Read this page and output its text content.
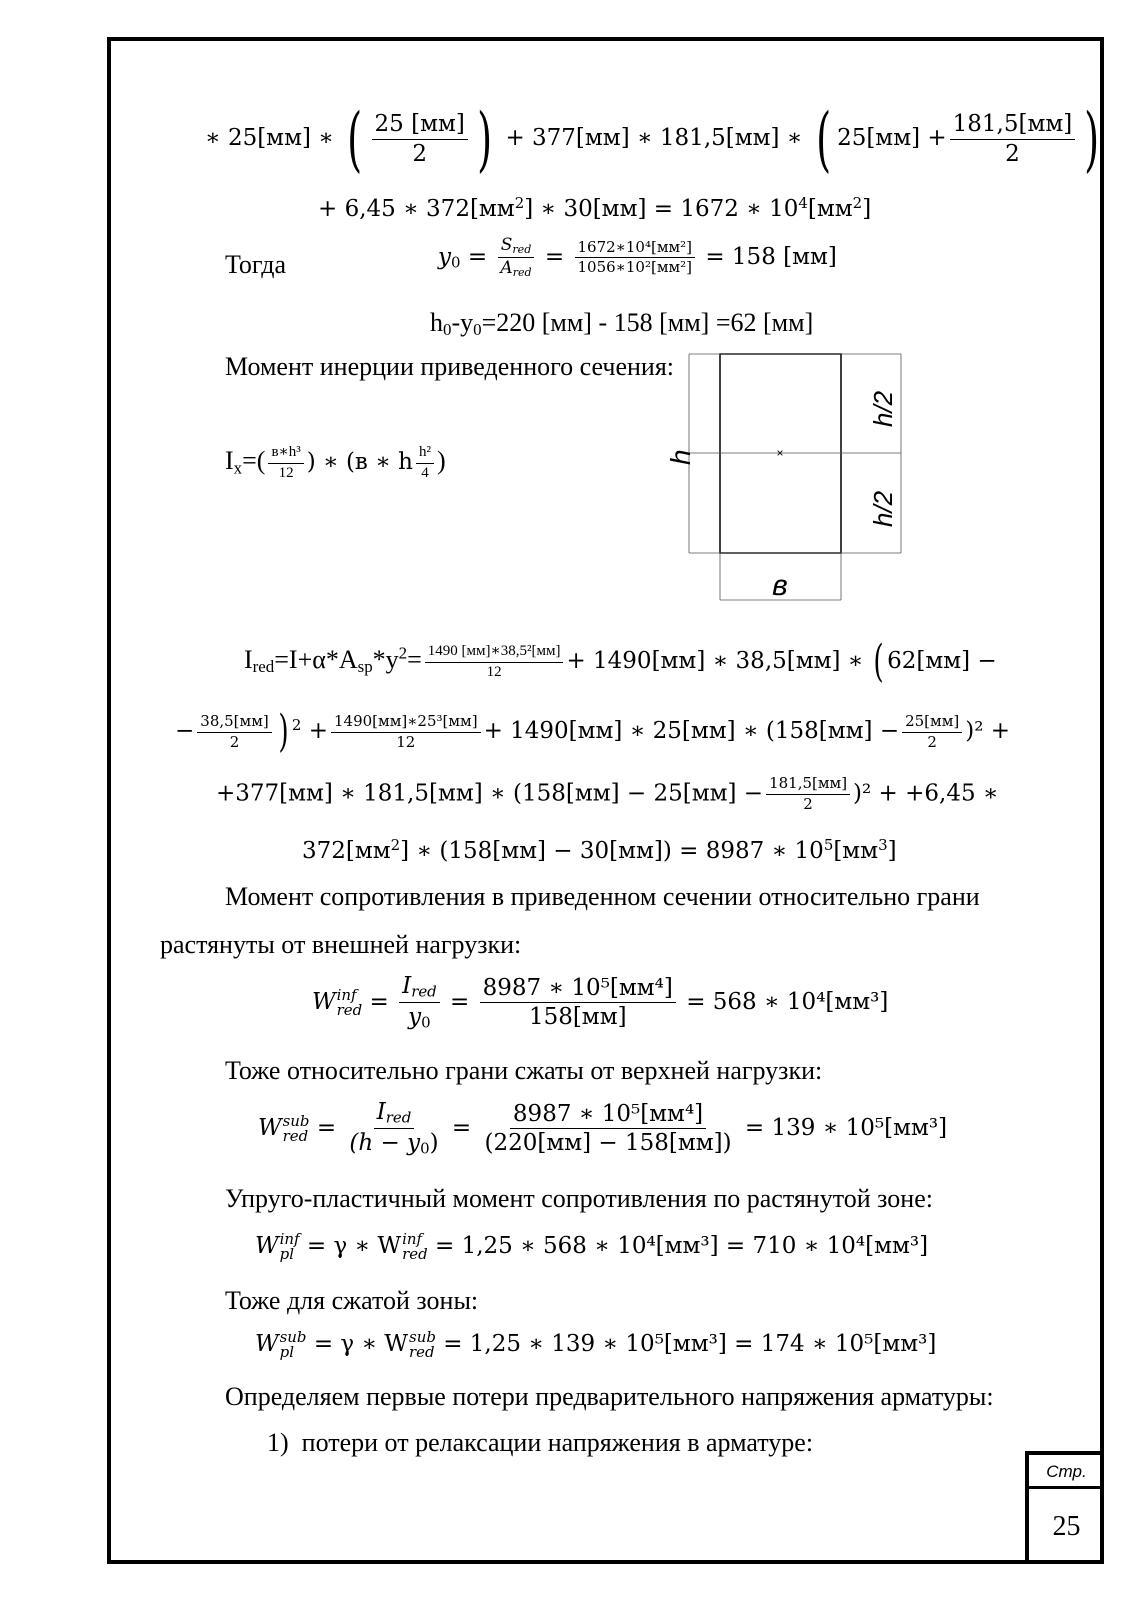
∗ 25[мм] ∗ ( $\frac{25 [мм]}{2}$ ) + 377[мм] ∗ 181,5[мм] ∗ ( $25[мм] + \frac{181,5[мм]}{2}$ )
+ 6,45 ∗ $372[мм^2]$ ∗ 30[мм] = 1672 ∗ $10^4[мм^2]$
Тогда	$y_0 = \frac{S_{red}}{A_{red}} = \frac{\text{1672∗10⁴[мм²]}}{\text{1056∗10²[мм²]}} = 158$ [мм]
$h_0-y_0=220$ [мм] - 158 [мм] =62 [мм]
Момент инерции приведенного сечения:
$I_x=( \frac{\text{в∗h³}}{12}$ ) ∗ (в ∗ h $\frac{\text{h²}}{4}$ )	×
h
h/2
h/2
в
$I_{red}=I+\alpha*A_{sp}*y^2= \frac{\text{1490 [мм]∗38,5²[мм]}}{12} + 1490[мм]$ ∗ 38,5[мм] ∗ ( 62[мм] −
− $\frac{38,5[мм]}{2}$ ) $^2 + \frac{\text{1490[мм]∗25³[мм]}}{12} + 1490[мм]$ ∗ 25[мм] ∗ $(158[мм] - \frac{25[мм]}{2} )^2$ +
+377[мм] ∗ 181,5[мм] ∗ $(158[мм] - 25[мм] - \frac{181,5[мм]}{2} )^2 + +6,45$ ∗
$372[мм^2]$ ∗ (158[мм] − 30[мм]) = 8987 ∗ $10^5[мм^3]$
Момент сопротивления в приведенном сечении относительно грани
растянуты от внешней нагрузки:
W inf
red = $\frac{I_{red}}{y_0} = \frac{\text{8987 ∗ 10⁵[мм⁴]}}{158[мм]} = 568$ ∗ 10⁴[мм³]
Тоже относительно грани сжаты от верхней нагрузки:
W sub
red = $\frac{I_{red}}{(h - y_0)} = \frac{\text{8987 ∗ 10⁵[мм⁴]}}{(220[мм] - 158[мм])} = 139$ ∗ 10⁵[мм³]
Упруго-пластичный момент сопротивления по растянутой зоне:
W inf
pl = γ ∗ W inf
red = 1,25 ∗ 568 ∗ 10⁴[мм³] = 710 ∗ 10⁴[мм³]
Тоже для сжатой зоны:
W sub
pl = γ ∗ W sub
red = 1,25 ∗ 139 ∗ 10⁵[мм³] = 174 ∗ 10⁵[мм³]
Определяем первые потери предварительного напряжения арматуры:
1) потери от релаксации напряжения в арматуре:
Стр.
25
